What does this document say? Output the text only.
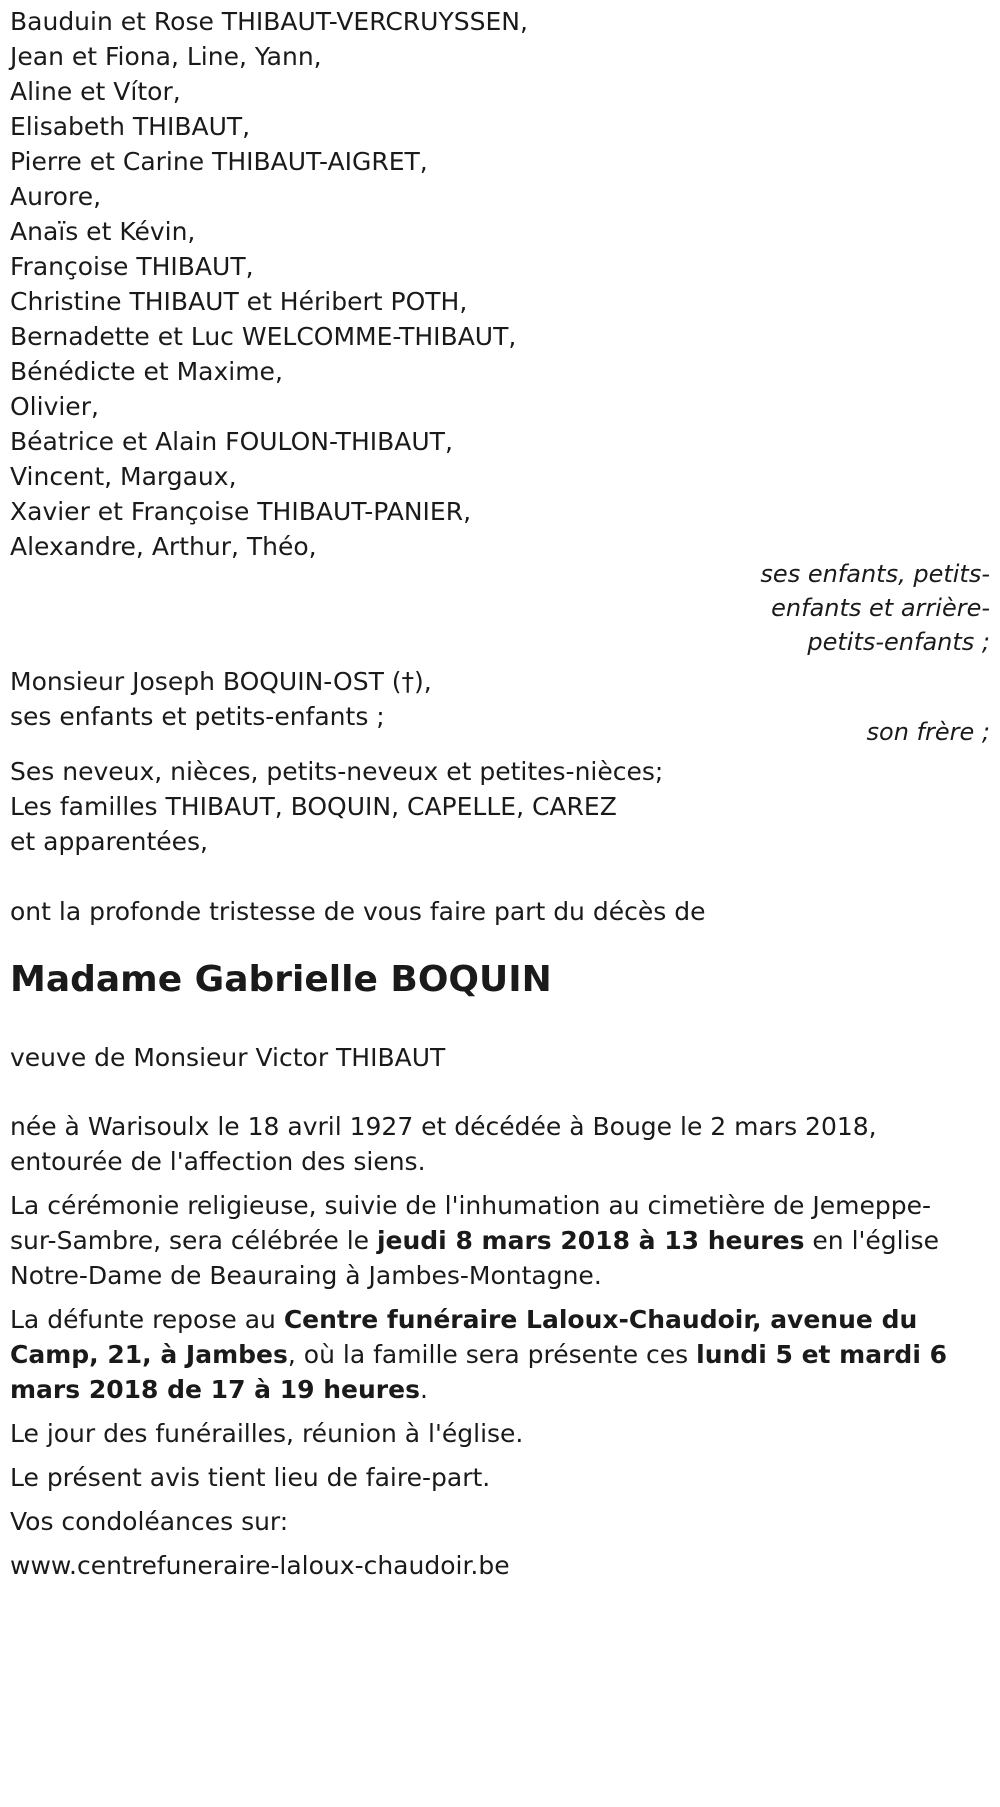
Bauduin et Rose THIBAUT-VERCRUYSSEN,
Jean et Fiona, Line, Yann,
Aline et Vítor,
Elisabeth THIBAUT,
Pierre et Carine THIBAUT-AIGRET,
Aurore,
Anaïs et Kévin,
Françoise THIBAUT,
Christine THIBAUT et Héribert POTH,
Bernadette et Luc WELCOMME-THIBAUT,
Bénédicte et Maxime,
Olivier,
Béatrice et Alain FOULON-THIBAUT,
Vincent, Margaux,
Xavier et Françoise THIBAUT-PANIER,
Alexandre, Arthur, Théo,
ses enfants, petits-
enfants et arrière-
petits-enfants ;
Monsieur Joseph BOQUIN-OST (†),
ses enfants et petits-enfants ;
son frère ;
Ses neveux, nièces, petits-neveux et petites-nièces;
Les familles THIBAUT, BOQUIN, CAPELLE, CAREZ
et apparentées,
ont la profonde tristesse de vous faire part du décès de
Madame Gabrielle BOQUIN
veuve de Monsieur Victor THIBAUT
née à Warisoulx le 18 avril 1927 et décédée à Bouge le 2 mars 2018,
entourée de l'affection des siens.
La cérémonie religieuse, suivie de l'inhumation au cimetière de Jemeppe-
sur-Sambre, sera célébrée le jeudi 8 mars 2018 à 13 heures en l'église
Notre-Dame de Beauraing à Jambes-Montagne.
La défunte repose au Centre funéraire Laloux-Chaudoir, avenue du
Camp, 21, à Jambes, où la famille sera présente ces lundi 5 et mardi 6
mars 2018 de 17 à 19 heures.
Le jour des funérailles, réunion à l'église.
Le présent avis tient lieu de faire-part.
Vos condoléances sur:
www.centrefuneraire-laloux-chaudoir.be
